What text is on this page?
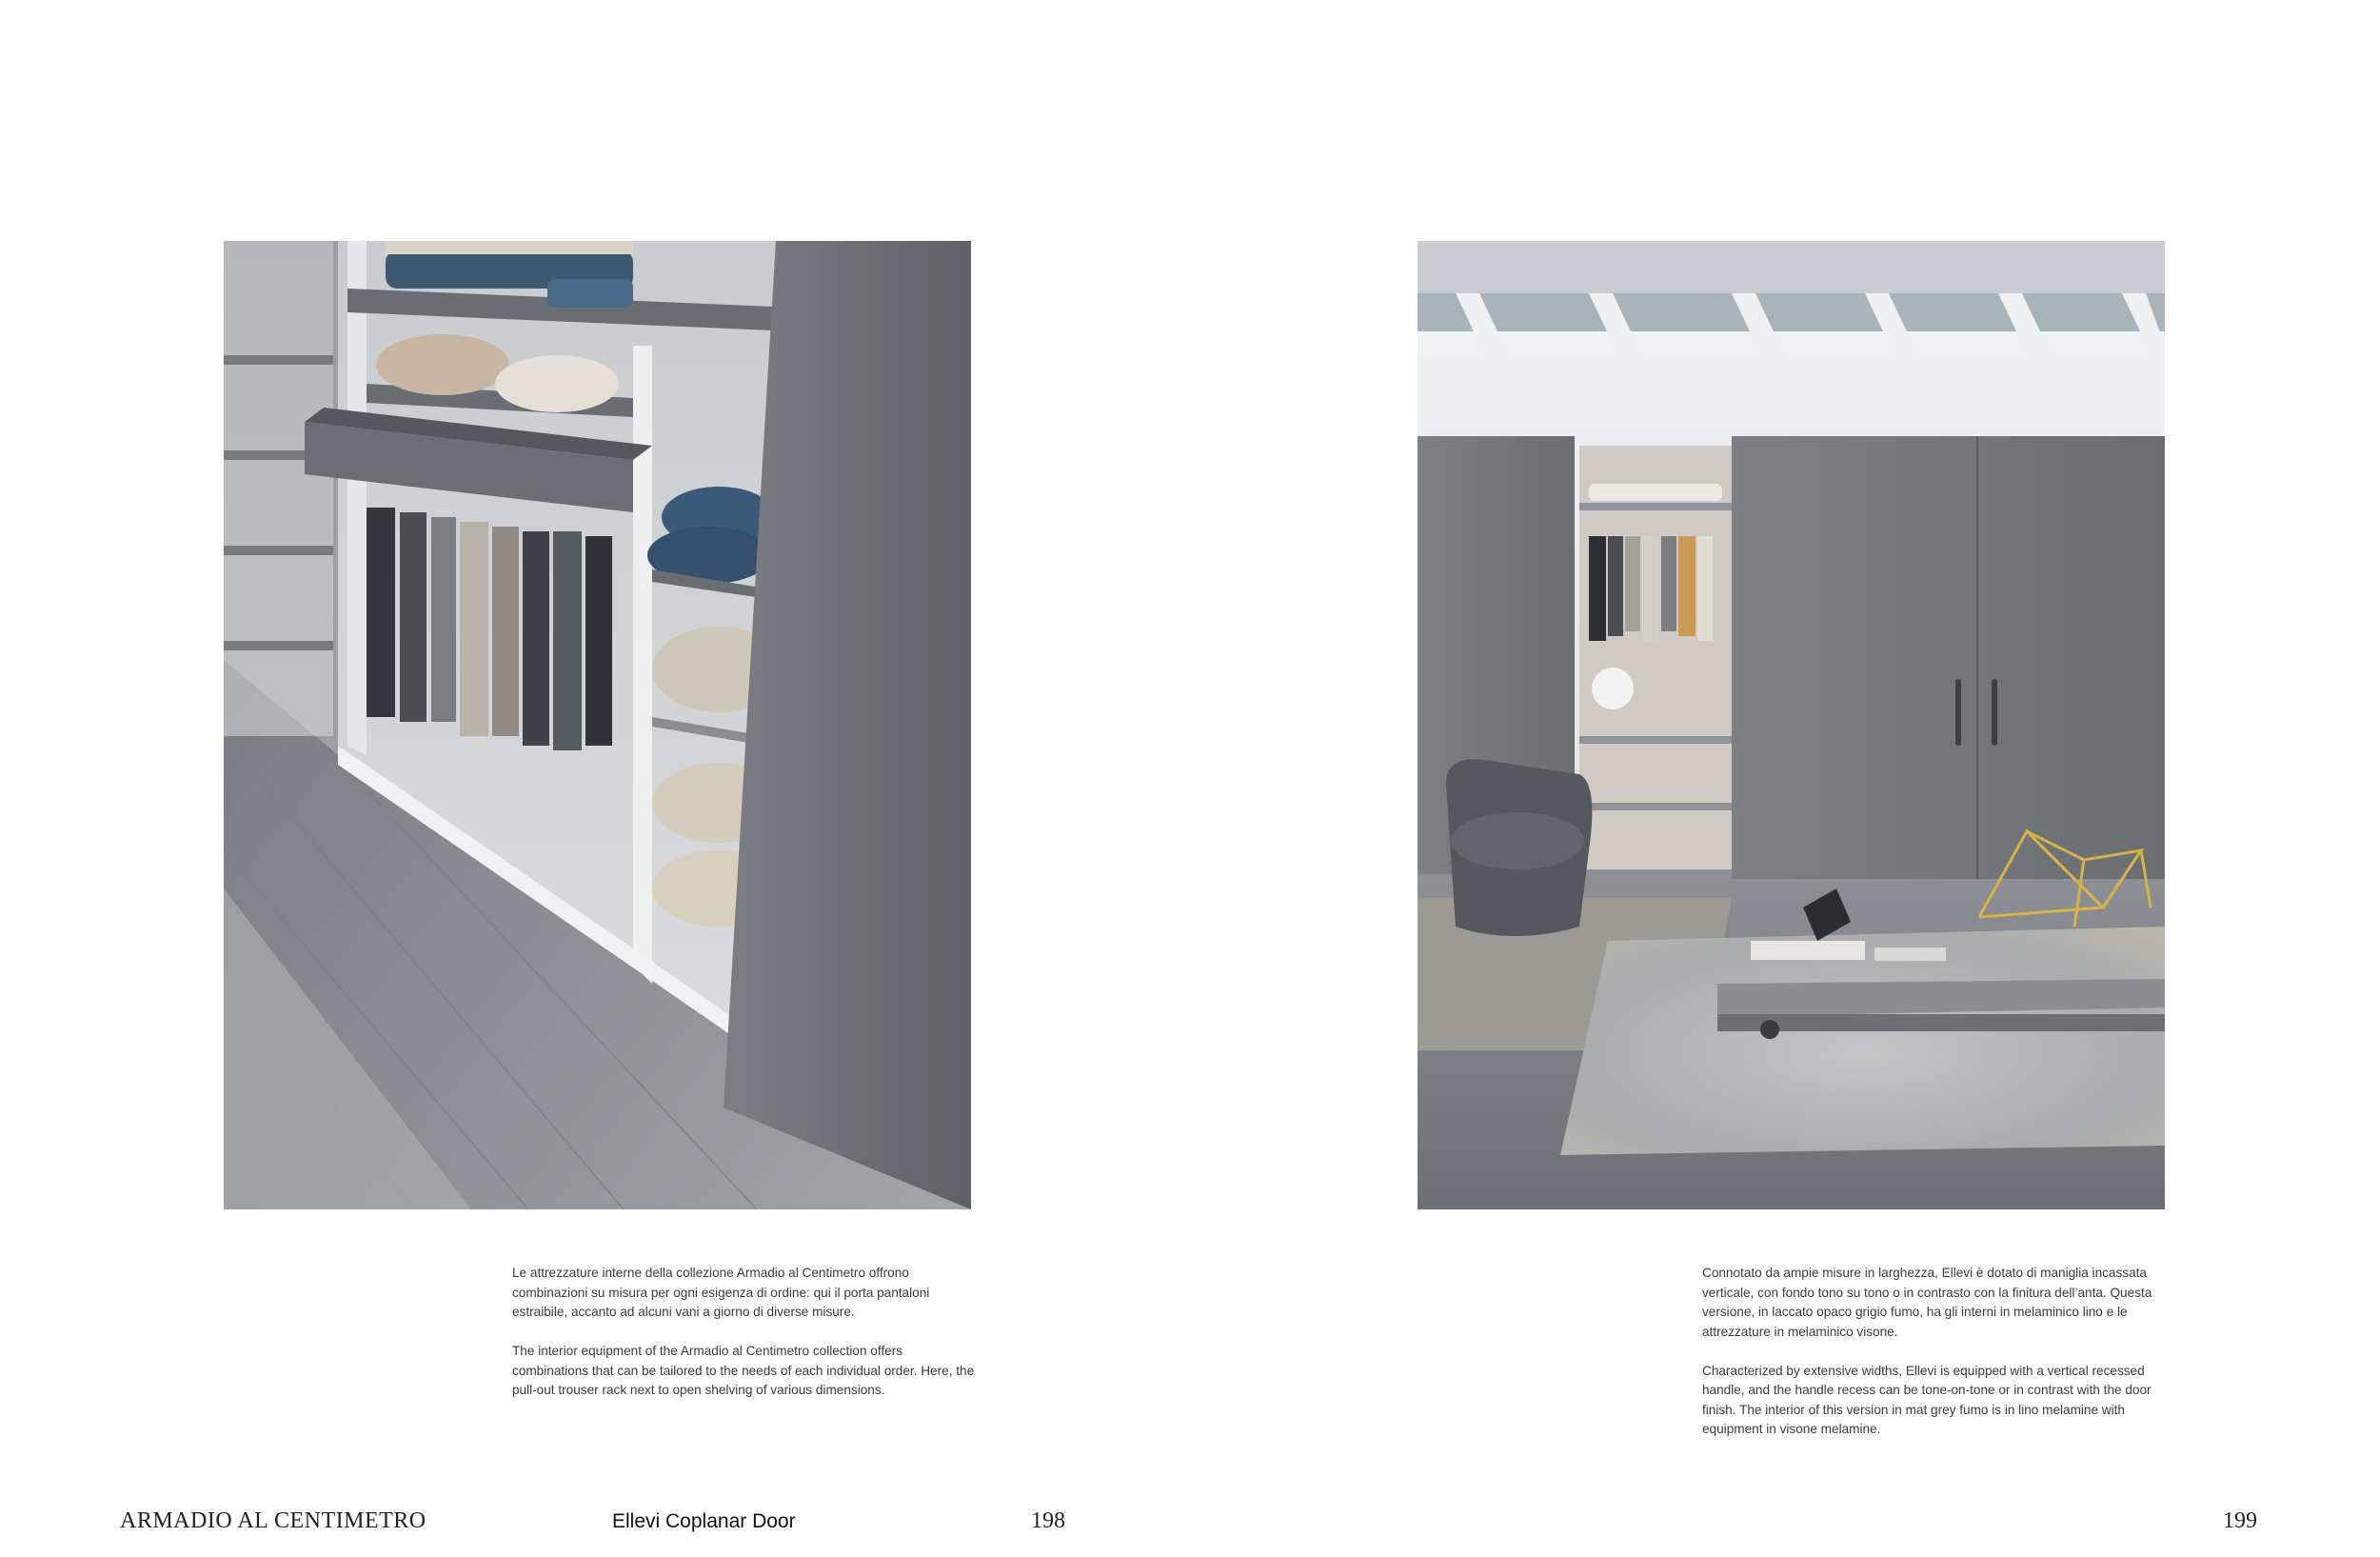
Le attrezzature interne della collezione Armadio al Centimetro offrono combinazioni su misura per ogni esigenza di ordine: qui il porta pantaloni estraibile, accanto ad alcuni vani a giorno di diverse misure.

The interior equipment of the Armadio al Centimetro collection offers combinations that can be tailored to the needs of each individual order. Here, the pull-out trouser rack next to open shelving of various dimensions.

Connotato da ampie misure in larghezza, Ellevi è dotato di maniglia incassata verticale, con fondo tono su tono o in contrasto con la finitura dell’anta. Questa versione, in laccato opaco grigio fumo, ha gli interni in melaminico lino e le attrezzature in melaminico visone.

Characterized by extensive widths, Ellevi is equipped with a vertical recessed handle, and the handle recess can be tone-on-tone or in contrast with the door finish. The interior of this version in mat grey fumo is in lino melamine with equipment in visone melamine.

ARMADIO AL CENTIMETRO	Ellevi Coplanar Door	198	199
